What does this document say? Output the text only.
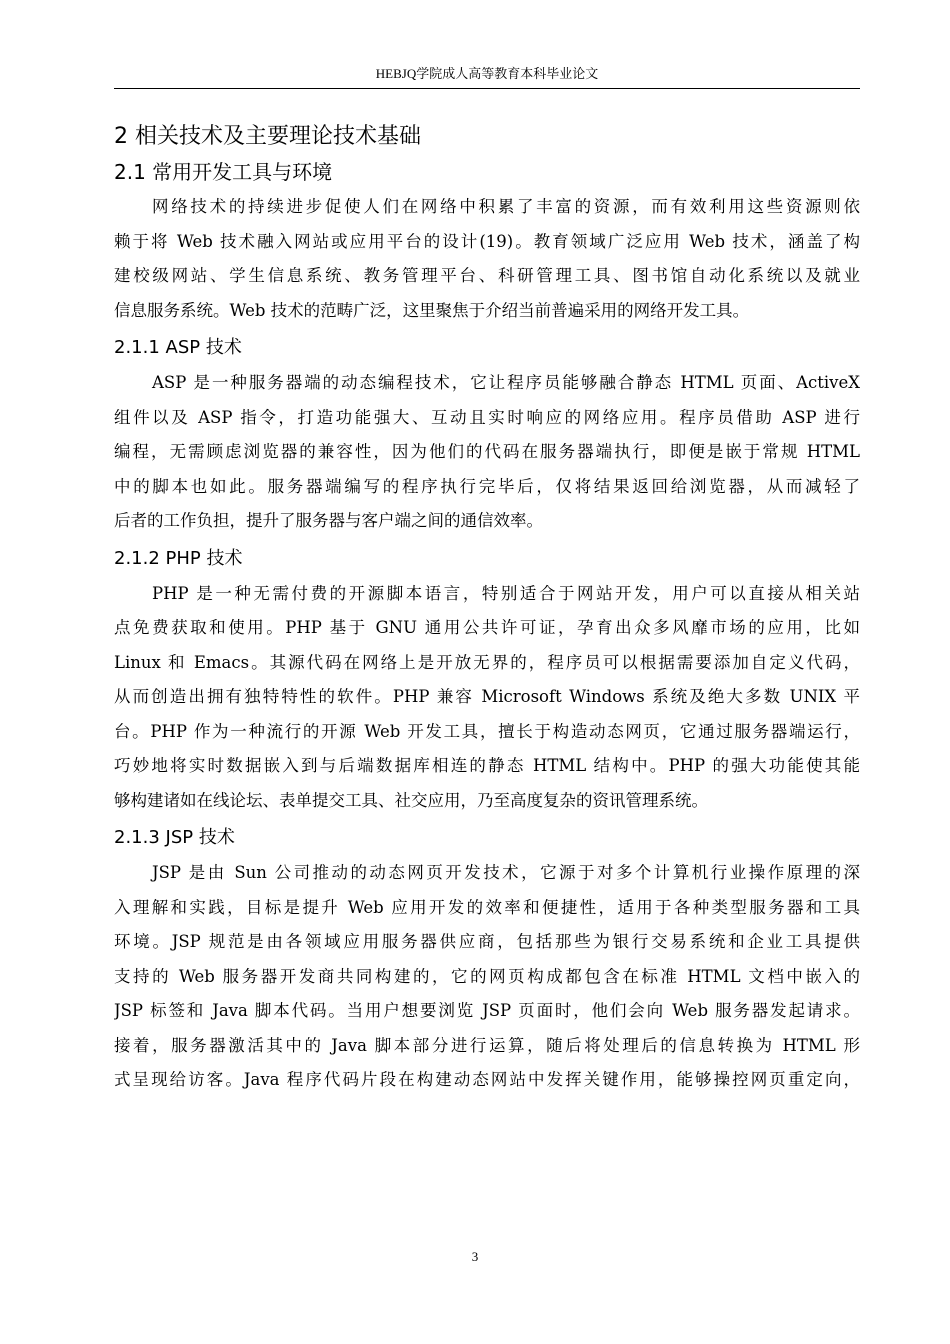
HEBJQ学院成人高等教育本科毕业论文
2 相关技术及主要理论技术基础
2.1 常用开发工具与环境
网络技术的持续进步促使人们在网络中积累了丰富的资源，而有效利用这些资源则依
赖于将 Web 技术融入网站或应用平台的设计(19)。教育领域广泛应用 Web 技术，涵盖了构
建校级网站、学生信息系统、教务管理平台、科研管理工具、图书馆自动化系统以及就业
信息服务系统。Web 技术的范畴广泛，这里聚焦于介绍当前普遍采用的网络开发工具。
2.1.1 ASP 技术
ASP 是一种服务器端的动态编程技术，它让程序员能够融合静态 HTML 页面、ActiveX
组件以及 ASP 指令，打造功能强大、互动且实时响应的网络应用。程序员借助 ASP 进行
编程，无需顾虑浏览器的兼容性，因为他们的代码在服务器端执行，即便是嵌于常规 HTML
中的脚本也如此。服务器端编写的程序执行完毕后，仅将结果返回给浏览器，从而减轻了
后者的工作负担，提升了服务器与客户端之间的通信效率。
2.1.2 PHP 技术
PHP 是一种无需付费的开源脚本语言，特别适合于网站开发，用户可以直接从相关站
点免费获取和使用。PHP 基于 GNU 通用公共许可证，孕育出众多风靡市场的应用，比如
Linux 和 Emacs。其源代码在网络上是开放无界的，程序员可以根据需要添加自定义代码，
从而创造出拥有独特特性的软件。PHP 兼容 Microsoft Windows 系统及绝大多数 UNIX 平
台。PHP 作为一种流行的开源 Web 开发工具，擅长于构造动态网页，它通过服务器端运行，
巧妙地将实时数据嵌入到与后端数据库相连的静态 HTML 结构中。PHP 的强大功能使其能
够构建诸如在线论坛、表单提交工具、社交应用，乃至高度复杂的资讯管理系统。
2.1.3 JSP 技术
JSP 是由 Sun 公司推动的动态网页开发技术，它源于对多个计算机行业操作原理的深
入理解和实践，目标是提升 Web 应用开发的效率和便捷性，适用于各种类型服务器和工具
环境。JSP 规范是由各领域应用服务器供应商，包括那些为银行交易系统和企业工具提供
支持的 Web 服务器开发商共同构建的，它的网页构成都包含在标准 HTML 文档中嵌入的
JSP 标签和 Java 脚本代码。当用户想要浏览 JSP 页面时，他们会向 Web 服务器发起请求。
接着，服务器激活其中的 Java 脚本部分进行运算，随后将处理后的信息转换为 HTML 形
式呈现给访客。Java 程序代码片段在构建动态网站中发挥关键作用，能够操控网页重定向，
3
